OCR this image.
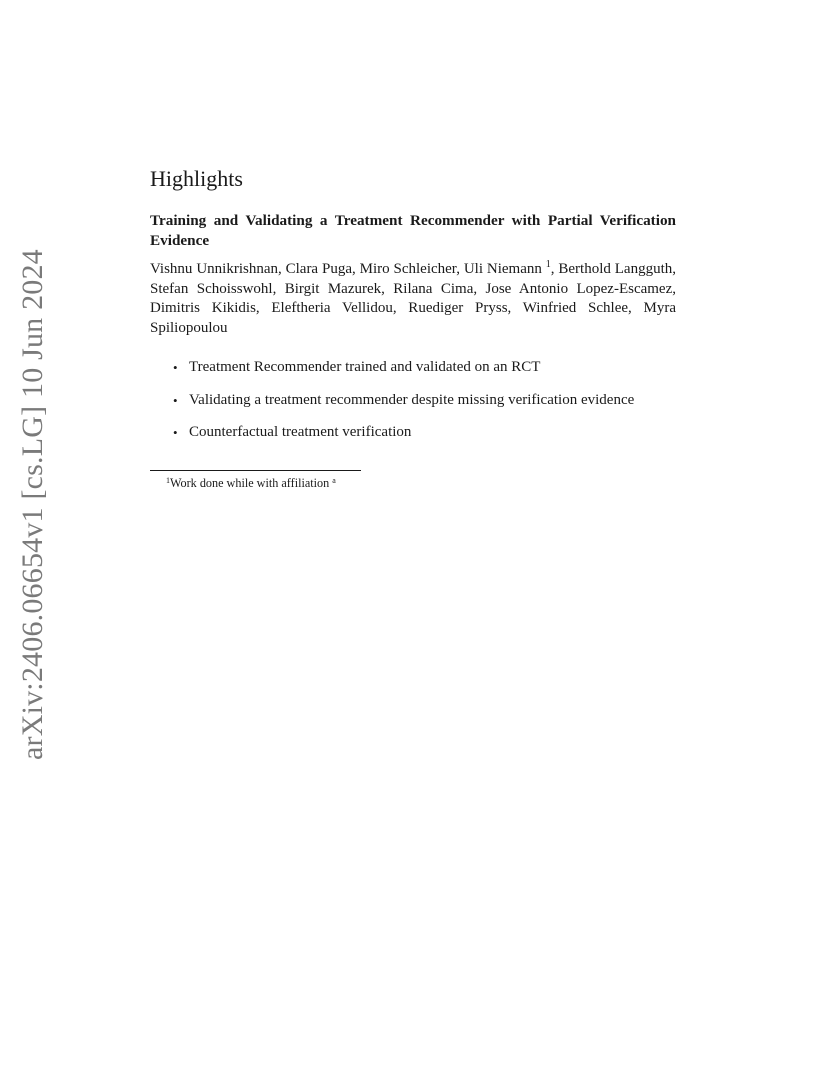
arXiv:2406.06654v1 [cs.LG] 10 Jun 2024
Highlights
Training and Validating a Treatment Recommender with Partial Verification Evidence
Vishnu Unnikrishnan, Clara Puga, Miro Schleicher, Uli Niemann $^1$, Berthold Langguth, Stefan Schoisswohl, Birgit Mazurek, Rilana Cima, Jose Antonio Lopez-Escamez, Dimitris Kikidis, Eleftheria Vellidou, Ruediger Pryss, Winfried Schlee, Myra Spiliopoulou
• Treatment Recommender trained and validated on an RCT
• Validating a treatment recommender despite missing verification evidence
• Counterfactual treatment verification
$^1$Work done while with affiliation $^a$
